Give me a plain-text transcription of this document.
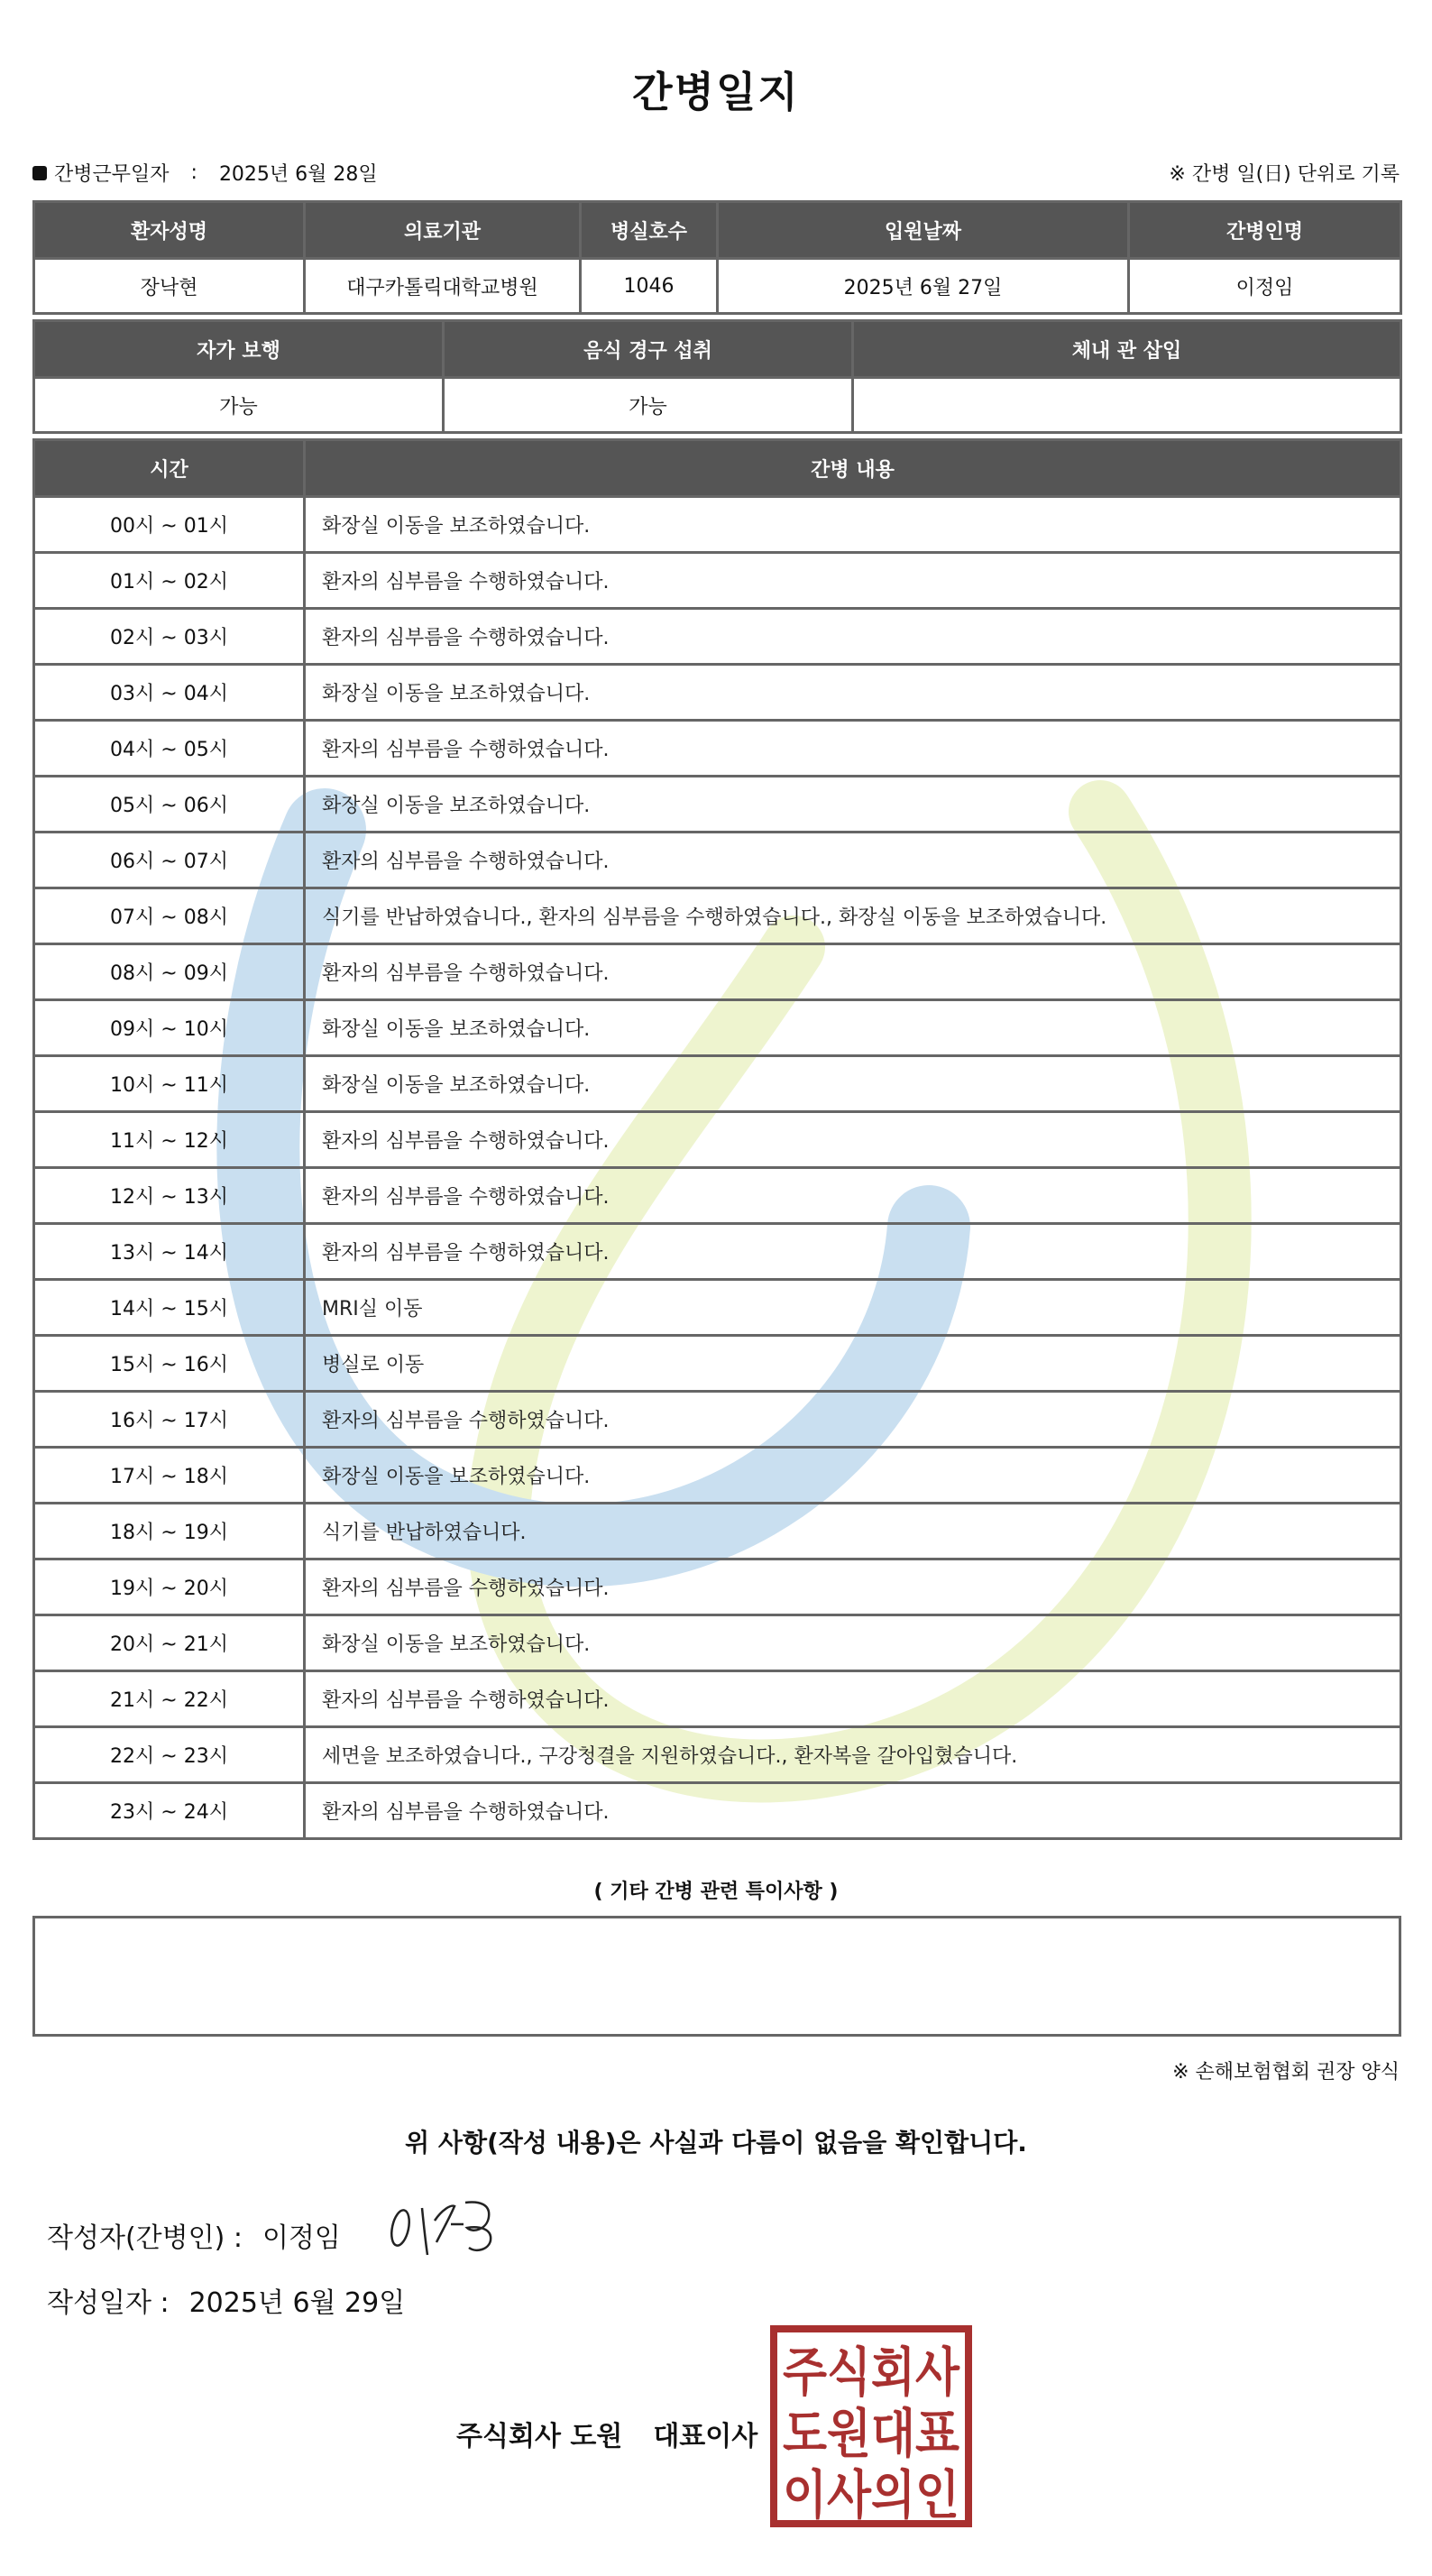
간병일지
간병근무일자 : 2025년 6월 28일	※ 간병 일(日) 단위로 기록
환자성명	의료기관	병실호수	입원날짜	간병인명
장낙현	대구카톨릭대학교병원	1046	2025년 6월 27일	이정임
자가 보행	음식 경구 섭취	체내 관 삽입
가능	가능	
시간	간병 내용
00시 ~ 01시	화장실 이동을 보조하였습니다.
01시 ~ 02시	환자의 심부름을 수행하였습니다.
02시 ~ 03시	환자의 심부름을 수행하였습니다.
03시 ~ 04시	화장실 이동을 보조하였습니다.
04시 ~ 05시	환자의 심부름을 수행하였습니다.
05시 ~ 06시	화장실 이동을 보조하였습니다.
06시 ~ 07시	환자의 심부름을 수행하였습니다.
07시 ~ 08시	식기를 반납하였습니다., 환자의 심부름을 수행하였습니다., 화장실 이동을 보조하였습니다.
08시 ~ 09시	환자의 심부름을 수행하였습니다.
09시 ~ 10시	화장실 이동을 보조하였습니다.
10시 ~ 11시	화장실 이동을 보조하였습니다.
11시 ~ 12시	환자의 심부름을 수행하였습니다.
12시 ~ 13시	환자의 심부름을 수행하였습니다.
13시 ~ 14시	환자의 심부름을 수행하였습니다.
14시 ~ 15시	MRI실 이동
15시 ~ 16시	병실로 이동
16시 ~ 17시	환자의 심부름을 수행하였습니다.
17시 ~ 18시	화장실 이동을 보조하였습니다.
18시 ~ 19시	식기를 반납하였습니다.
19시 ~ 20시	환자의 심부름을 수행하였습니다.
20시 ~ 21시	화장실 이동을 보조하였습니다.
21시 ~ 22시	환자의 심부름을 수행하였습니다.
22시 ~ 23시	세면을 보조하였습니다., 구강청결을 지원하였습니다., 환자복을 갈아입혔습니다.
23시 ~ 24시	환자의 심부름을 수행하였습니다.
( 기타 간병 관련 특이사항 )
※ 손해보험협회 권장 양식
위 사항(작성 내용)은 사실과 다름이 없음을 확인합니다.
작성자(간병인) : 이정임
작성일자 : 2025년 6월 29일
주식회사 도원 대표이사
주식회사
도원대표
이사의인
